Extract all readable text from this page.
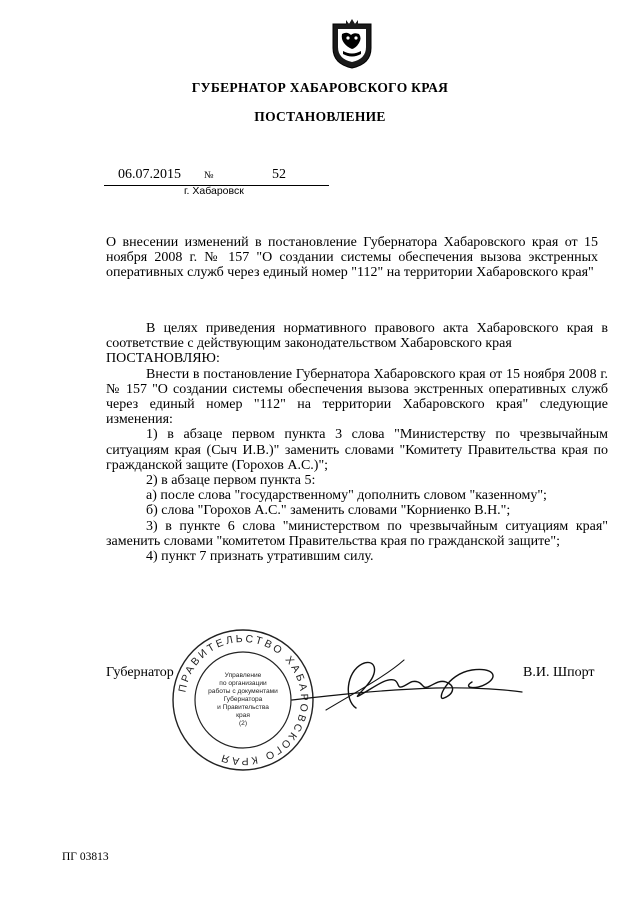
ГУБЕРНАТОР ХАБАРОВСКОГО КРАЯ
ПОСТАНОВЛЕНИЕ
06.07.2015 №	52
г. Хабаровск
О внесении изменений в постановление Губернатора Хабаровского края от 15 ноября 2008 г. № 157 "О создании системы обеспечения вызова экстренных оперативных служб через единый номер "112" на территории Хабаровского края"

В целях приведения нормативного правового акта Хабаровского края в соответствие с действующим законодательством Хабаровского края

ПОСТАНОВЛЯЮ:

Внести в постановление Губернатора Хабаровского края от 15 ноября 2008 г. № 157 "О создании системы обеспечения вызова экстренных оперативных служб через единый номер "112" на территории Хабаровского края" следующие изменения:

1) в абзаце первом пункта 3 слова "Министерству по чрезвычайным ситуациям края (Сыч И.В.)" заменить словами "Комитету Правительства края по гражданской защите (Горохов А.С.)";

2) в абзаце первом пункта 5:

а) после слова "государственному" дополнить словом "казенному";

б) слова "Горохов А.С." заменить словами "Корниенко В.Н.";

3) в пункте 6 слова "министерством по чрезвычайным ситуациям края" заменить словами "комитетом Правительства края по гражданской защите";

4) пункт 7 признать утратившим силу.

Губернатор	В.И. Шпорт
ПРАВИТЕЛЬСТВО ХАБАРОВСКОГО КРАЯ
Управление
по организации
работы с документами
Губернатора
и Правительства
края
(2)
ПГ 03813
